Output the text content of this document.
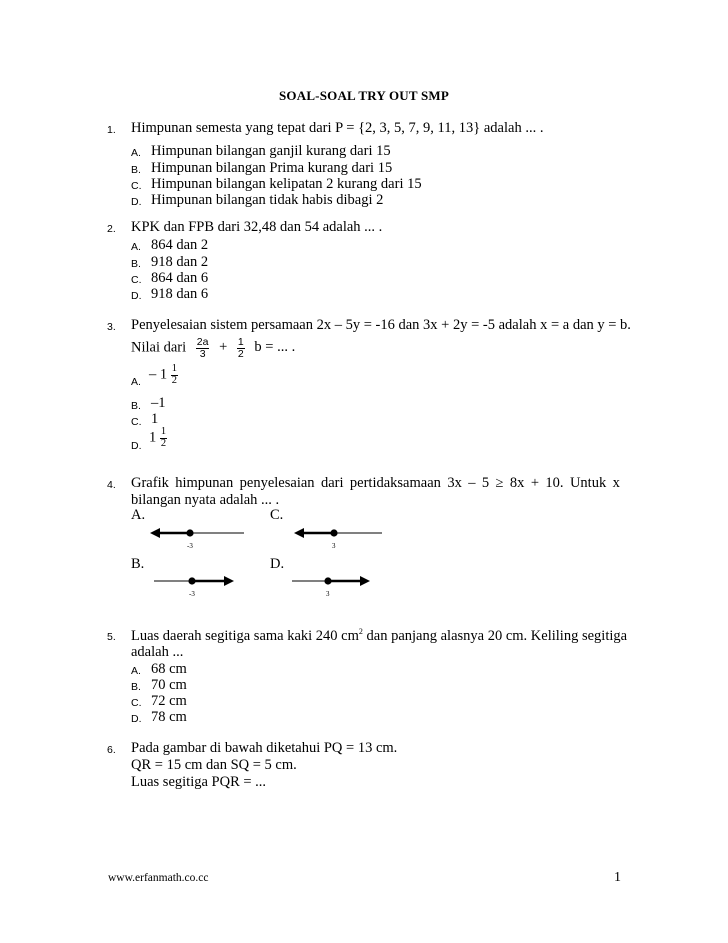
SOAL-SOAL TRY OUT SMP
1. Himpunan semesta yang tepat dari P = {2, 3, 5, 7, 9, 11, 13} adalah ... .
A. Himpunan bilangan ganjil kurang dari 15
B. Himpunan bilangan Prima kurang dari 15
C. Himpunan bilangan kelipatan 2 kurang dari 15
D. Himpunan bilangan tidak habis dibagi 2
2. KPK dan FPB dari 32,48 dan 54 adalah ... .
A. 864 dan 2
B. 918 dan 2
C. 864 dan 6
D. 918 dan 6
3. Penyelesaian sistem persamaan 2x – 5y = -16 dan 3x + 2y = -5 adalah x = a dan y = b.
Nilai dari $\frac{2a}{3} + \frac{1}{2}$ b = ... .
A. – $1 \frac{1}{2}$
B. –1
C. 1
D.
$1 \frac{1}{2}$
4. Grafik himpunan penyelesaian dari pertidaksamaan 3x – 5 ≥ 8x + 10. Untuk x
bilangan nyata adalah ... .
A.
-3
C.
3
B.
-3
D.
3
5. Luas daerah segitiga sama kaki 240 $cm^2$ dan panjang alasnya 20 cm. Keliling segitiga
adalah ...
A. 68 cm
B. 70 cm
C. 72 cm
D. 78 cm
6. Pada gambar di bawah diketahui PQ = 13 cm.
QR = 15 cm dan SQ = 5 cm.
Luas segitiga PQR = ...
www.erfanmath.co.cc	1
